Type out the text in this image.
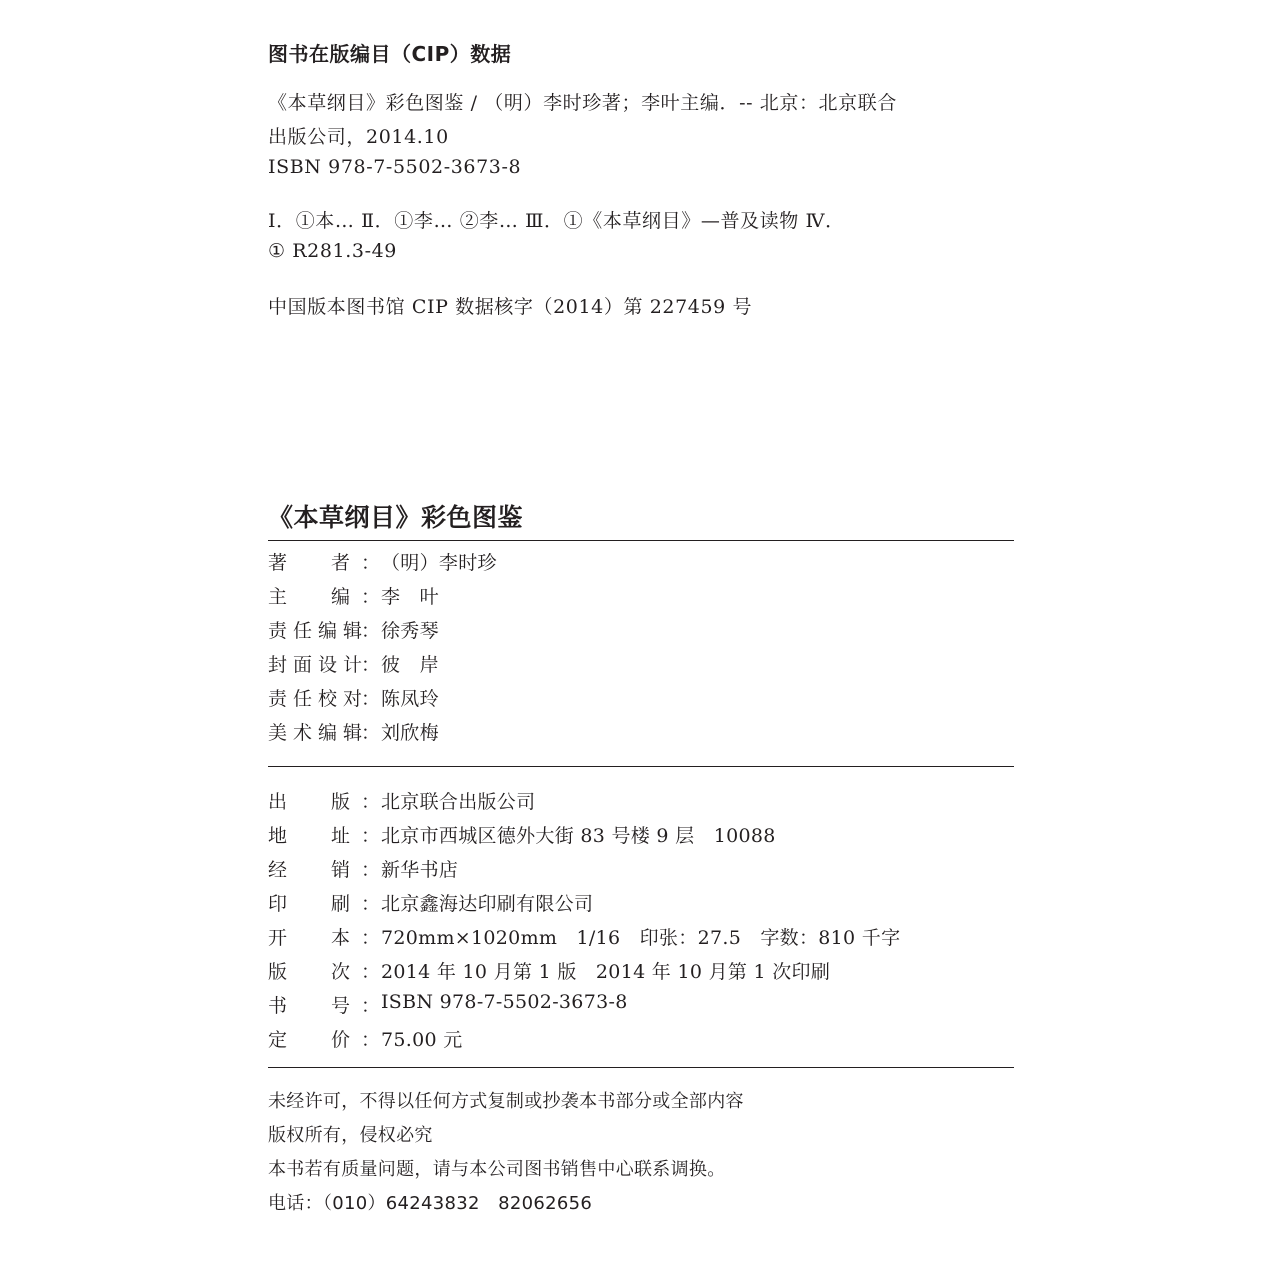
图书在版编目（CIP）数据
《本草纲目》彩色图鉴 / （明）李时珍著；李叶主编．-- 北京：北京联合
出版公司，2014.10
ISBN 978-7-5502-3673-8
Ⅰ．①本… Ⅱ．①李… ②李… Ⅲ．①《本草纲目》—普及读物 Ⅳ．
① R281.3-49
中国版本图书馆 CIP 数据核字（2014）第 227459 号
《本草纲目》彩色图鉴
著 者 ： （明）李时珍
主 编 ： 李　叶
责 任 编 辑 ： 徐秀琴
封 面 设 计 ： 彼　岸
责 任 校 对 ： 陈凤玲
美 术 编 辑 ： 刘欣梅
出 版 ： 北京联合出版公司
地 址 ： 北京市西城区德外大街 83 号楼 9 层　10088
经 销 ： 新华书店
印 刷 ： 北京鑫海达印刷有限公司
开 本 ： 720mm×1020mm　1/16　印张：27.5　字数：810 千字
版 次 ： 2014 年 10 月第 1 版　2014 年 10 月第 1 次印刷
书 号 ： ISBN 978-7-5502-3673-8
定 价 ： 75.00 元
未经许可，不得以任何方式复制或抄袭本书部分或全部内容
版权所有，侵权必究
本书若有质量问题，请与本公司图书销售中心联系调换。
电话：（010）64243832　82062656
